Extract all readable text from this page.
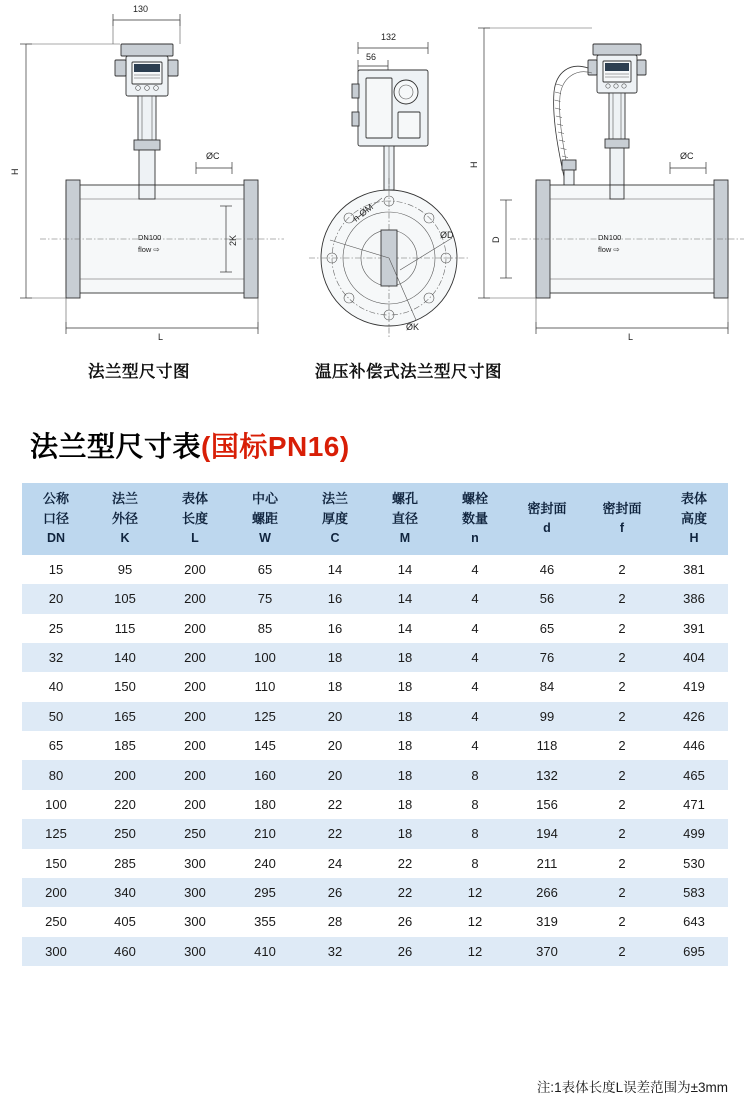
ØC
DN100
flow ⇨
2K
H
L
130
132
56
n-ØM
ØD
ØK
ØC
DN100
flow ⇨
H
D
L
法兰型尺寸图	温压补偿式法兰型尺寸图
法兰型尺寸表(国标PN16)
公称
口径
DN	法兰
外径
K	表体
长度
L	中心
螺距
W	法兰
厚度
C	螺孔
直径
M	螺栓
数量
n	密封面
d	密封面
f	表体
高度
H

15	95	200	65	14	14	4	46	2	381
20	105	200	75	16	14	4	56	2	386
25	115	200	85	16	14	4	65	2	391
32	140	200	100	18	18	4	76	2	404
40	150	200	110	18	18	4	84	2	419
50	165	200	125	20	18	4	99	2	426
65	185	200	145	20	18	4	118	2	446
80	200	200	160	20	18	8	132	2	465
100	220	200	180	22	18	8	156	2	471
125	250	250	210	22	18	8	194	2	499
150	285	300	240	24	22	8	211	2	530
200	340	300	295	26	22	12	266	2	583
250	405	300	355	28	26	12	319	2	643
300	460	300	410	32	26	12	370	2	695
注:1表体长度L误差范围为±3mm
